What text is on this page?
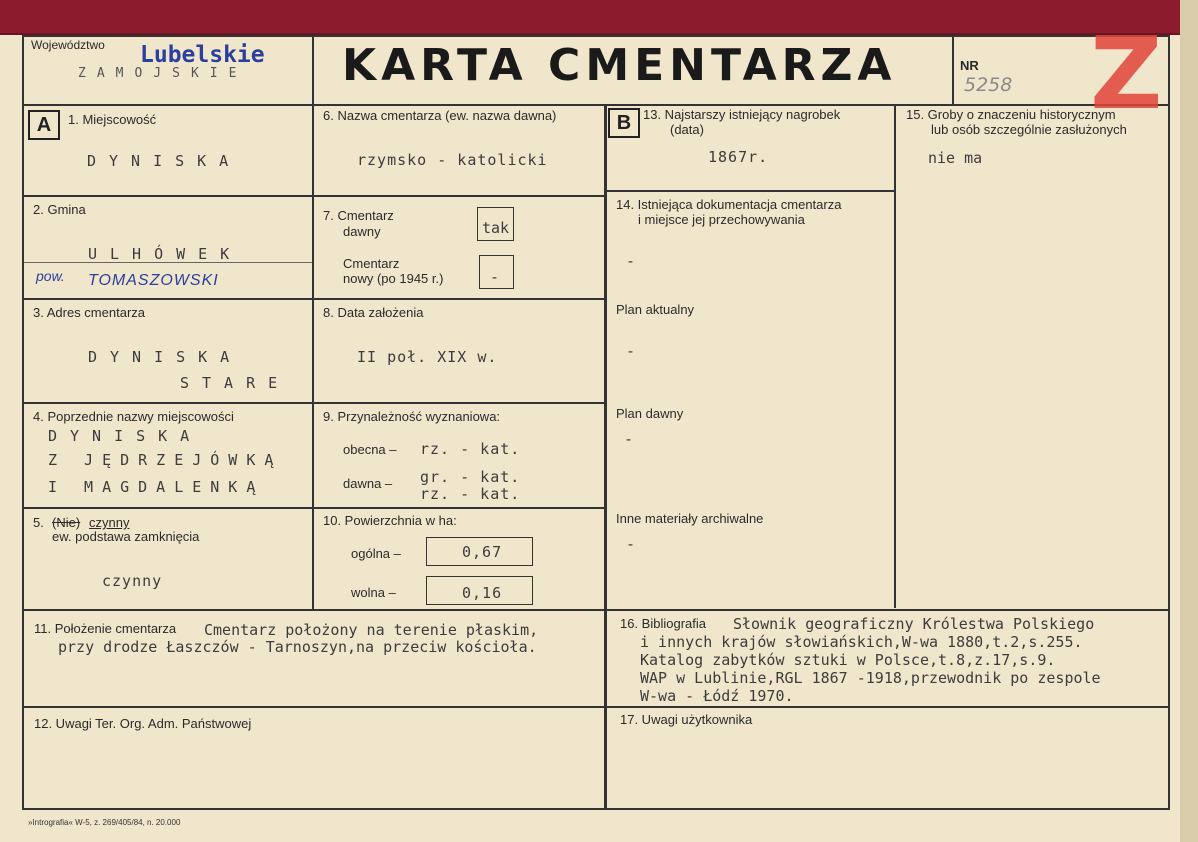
Województwo Lubelskie
ZAMOJSKIE KARTA CMENTARZA	NR
5258 Z
A	1. Miejscowość
DYNISKA
2. Gmina
ULHÓWEK
pow. TOMASZOWSKI
3. Adres cmentarza
DYNISKA
STARE
4. Poprzednie nazwy miejscowości
DYNISKA
Z JĘDRZEJÓWKĄ
I MAGDALENKĄ
5. (Nie) czynny
ew. podstawa zamknięcia
czynny
6. Nazwa cmentarza (ew. nazwa dawna)
rzymsko - katolicki
7. Cmentarz
dawny	tak
Cmentarz
nowy (po 1945 r.)	-
8. Data założenia
II poł. XIX w.
9. Przynależność wyznaniowa:
obecna – rz. - kat.
dawna – gr. - kat.
rz. - kat.
10. Powierzchnia w ha:
ogólna –	0,67
wolna –	0,16
B 13. Najstarszy istniejący nagrobek
(data)
1867r.
14. Istniejąca dokumentacja cmentarza
i miejsce jej przechowywania
-
Plan aktualny
-
Plan dawny
-
Inne materiały archiwalne
-
15. Groby o znaczeniu historycznym
lub osób szczególnie zasłużonych
nie ma
11. Położenie cmentarza Cmentarz położony na terenie płaskim,
przy drodze Łaszczów - Tarnoszyn,na przeciw kościoła.
12. Uwagi Ter. Org. Adm. Państwowej
16. Bibliografia Słownik geograficzny Królestwa Polskiego
i innych krajów słowiańskich,W-wa 1880,t.2,s.255.
Katalog zabytków sztuki w Polsce,t.8,z.17,s.9.
WAP w Lublinie,RGL 1867 -1918,przewodnik po zespole
W-wa - Łódź 1970.
17. Uwagi użytkownika
»Intrografia« W-5, z. 269/405/84, n. 20.000
